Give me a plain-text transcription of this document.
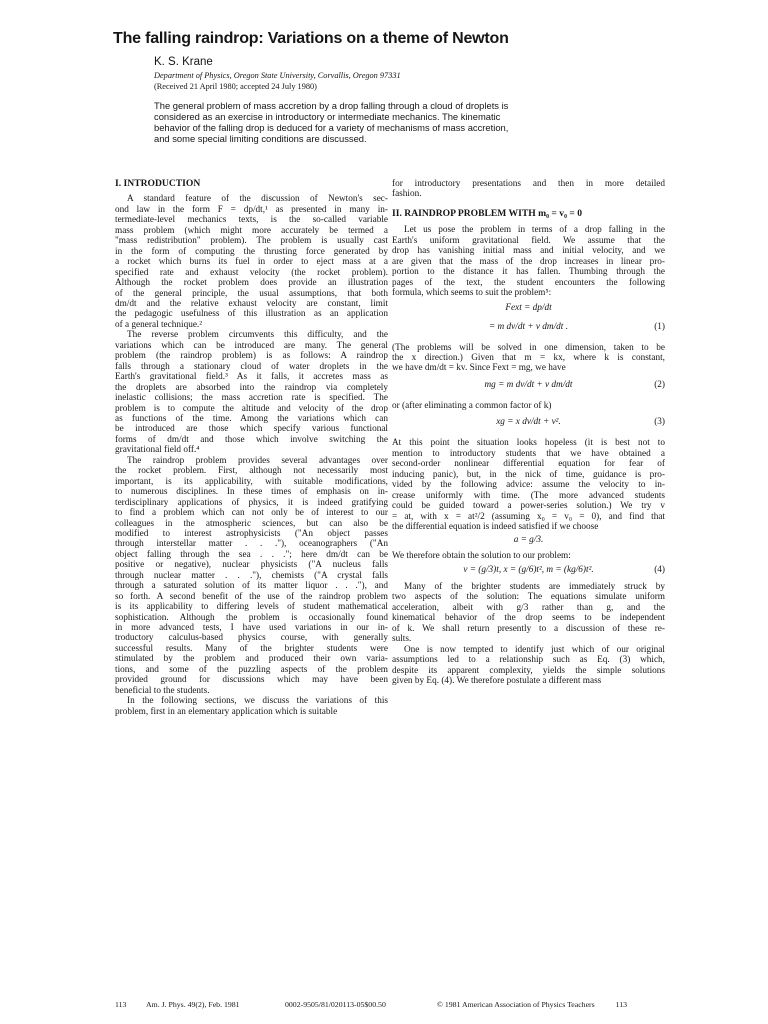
The falling raindrop: Variations on a theme of Newton
K. S. Krane
Department of Physics, Oregon State University, Corvallis, Oregon 97331
(Received 21 April 1980; accepted 24 July 1980)
The general problem of mass accretion by a drop falling through a cloud of droplets is
considered as an exercise in introductory or intermediate mechanics. The kinematic
behavior of the falling drop is deduced for a variety of mechanisms of mass accretion,
and some special limiting conditions are discussed.
I. INTRODUCTION
A standard feature of the discussion of Newton's sec-
ond law in the form F = dp/dt,¹ as presented in many in-
termediate-level mechanics texts, is the so-called variable
mass problem (which might more accurately be termed a
"mass redistribution" problem). The problem is usually cast
in the form of computing the thrusting force generated by
a rocket which burns its fuel in order to eject mass at a
specified rate and exhaust velocity (the rocket problem).
Although the rocket problem does provide an illustration
of the general principle, the usual assumptions, that both
dm/dt and the relative exhaust velocity are constant, limit
the pedagogic usefulness of this illustration as an application
of a general technique.²
The reverse problem circumvents this difficulty, and the
variations which can be introduced are many. The general
problem (the raindrop problem) is as follows: A raindrop
falls through a stationary cloud of water droplets in the
Earth's gravitational field.³ As it falls, it accretes mass as
the droplets are absorbed into the raindrop via completely
inelastic collisions; the mass accretion rate is specified. The
problem is to compute the altitude and velocity of the drop
as functions of the time. Among the variations which can
be introduced are those which specify various functional
forms of dm/dt and those which involve switching the
gravitational field off.⁴
The raindrop problem provides several advantages over
the rocket problem. First, although not necessarily most
important, is its applicability, with suitable modifications,
to numerous disciplines. In these times of emphasis on in-
terdisciplinary applications of physics, it is indeed gratifying
to find a problem which can not only be of interest to our
colleagues in the atmospheric sciences, but can also be
modified to interest astrophysicists ("An object passes
through interstellar matter . . ."), oceanographers ("An
object falling through the sea . . ."; here dm/dt can be
positive or negative), nuclear physicists ("A nucleus falls
through nuclear matter . . ."), chemists ("A crystal falls
through a saturated solution of its matter liquor . . ."), and
so forth. A second benefit of the use of the raindrop problem
is its applicability to differing levels of student mathematical
sophistication. Although the problem is occasionally found
in more advanced tests, I have used variations in our in-
troductory calculus-based physics course, with generally
successful results. Many of the brighter students were
stimulated by the problem and produced their own varia-
tions, and some of the puzzling aspects of the problem
provided ground for discussions which may have been
beneficial to the students.
In the following sections, we discuss the variations of this
problem, first in an elementary application which is suitable
for introductory presentations and then in more detailed
fashion.
II. RAINDROP PROBLEM WITH m₀ = v₀ = 0
Let us pose the problem in terms of a drop falling in the
Earth's uniform gravitational field. We assume that the
drop has vanishing initial mass and initial velocity, and we
are given that the mass of the drop increases in linear pro-
portion to the distance it has fallen. Thumbing through the
pages of the text, the student encounters the following
formula, which seems to suit the problem⁵:
Fext = dp/dt
= m dv/dt + v dm/dt .	(1)
(The problems will be solved in one dimension, taken to be
the x direction.) Given that m = kx, where k is constant,
we have dm/dt = kv. Since Fext = mg, we have
mg = m dv/dt + v dm/dt	(2)
or (after eliminating a common factor of k)
xg = x dv/dt + v².	(3)
At this point the situation looks hopeless (it is best not to
mention to introductory students that we have obtained a
second-order nonlinear differential equation for fear of
inducing panic), but, in the nick of time, guidance is pro-
vided by the following advice: assume the velocity to in-
crease uniformly with time. (The more advanced students
could be guided toward a power-series solution.) We try v
= at, with x = at²/2 (assuming x₀ = v₀ = 0), and find that
the differential equation is indeed satisfied if we choose
a = g/3.
We therefore obtain the solution to our problem:
v = (g/3)t, x = (g/6)t², m = (kg/6)t².	(4)
Many of the brighter students are immediately struck by
two aspects of the solution: The equations simulate uniform
acceleration, albeit with g/3 rather than g, and the
kinematical behavior of the drop seems to be independent
of k. We shall return presently to a discussion of these re-
sults.
One is now tempted to identify just which of our original
assumptions led to a relationship such as Eq. (3) which,
despite its apparent complexity, yields the simple solutions
given by Eq. (4). We therefore postulate a different mass
113	Am. J. Phys. 49(2), Feb. 1981	0002-9505/81/020113-05$00.50	© 1981 American Association of Physics Teachers	113
